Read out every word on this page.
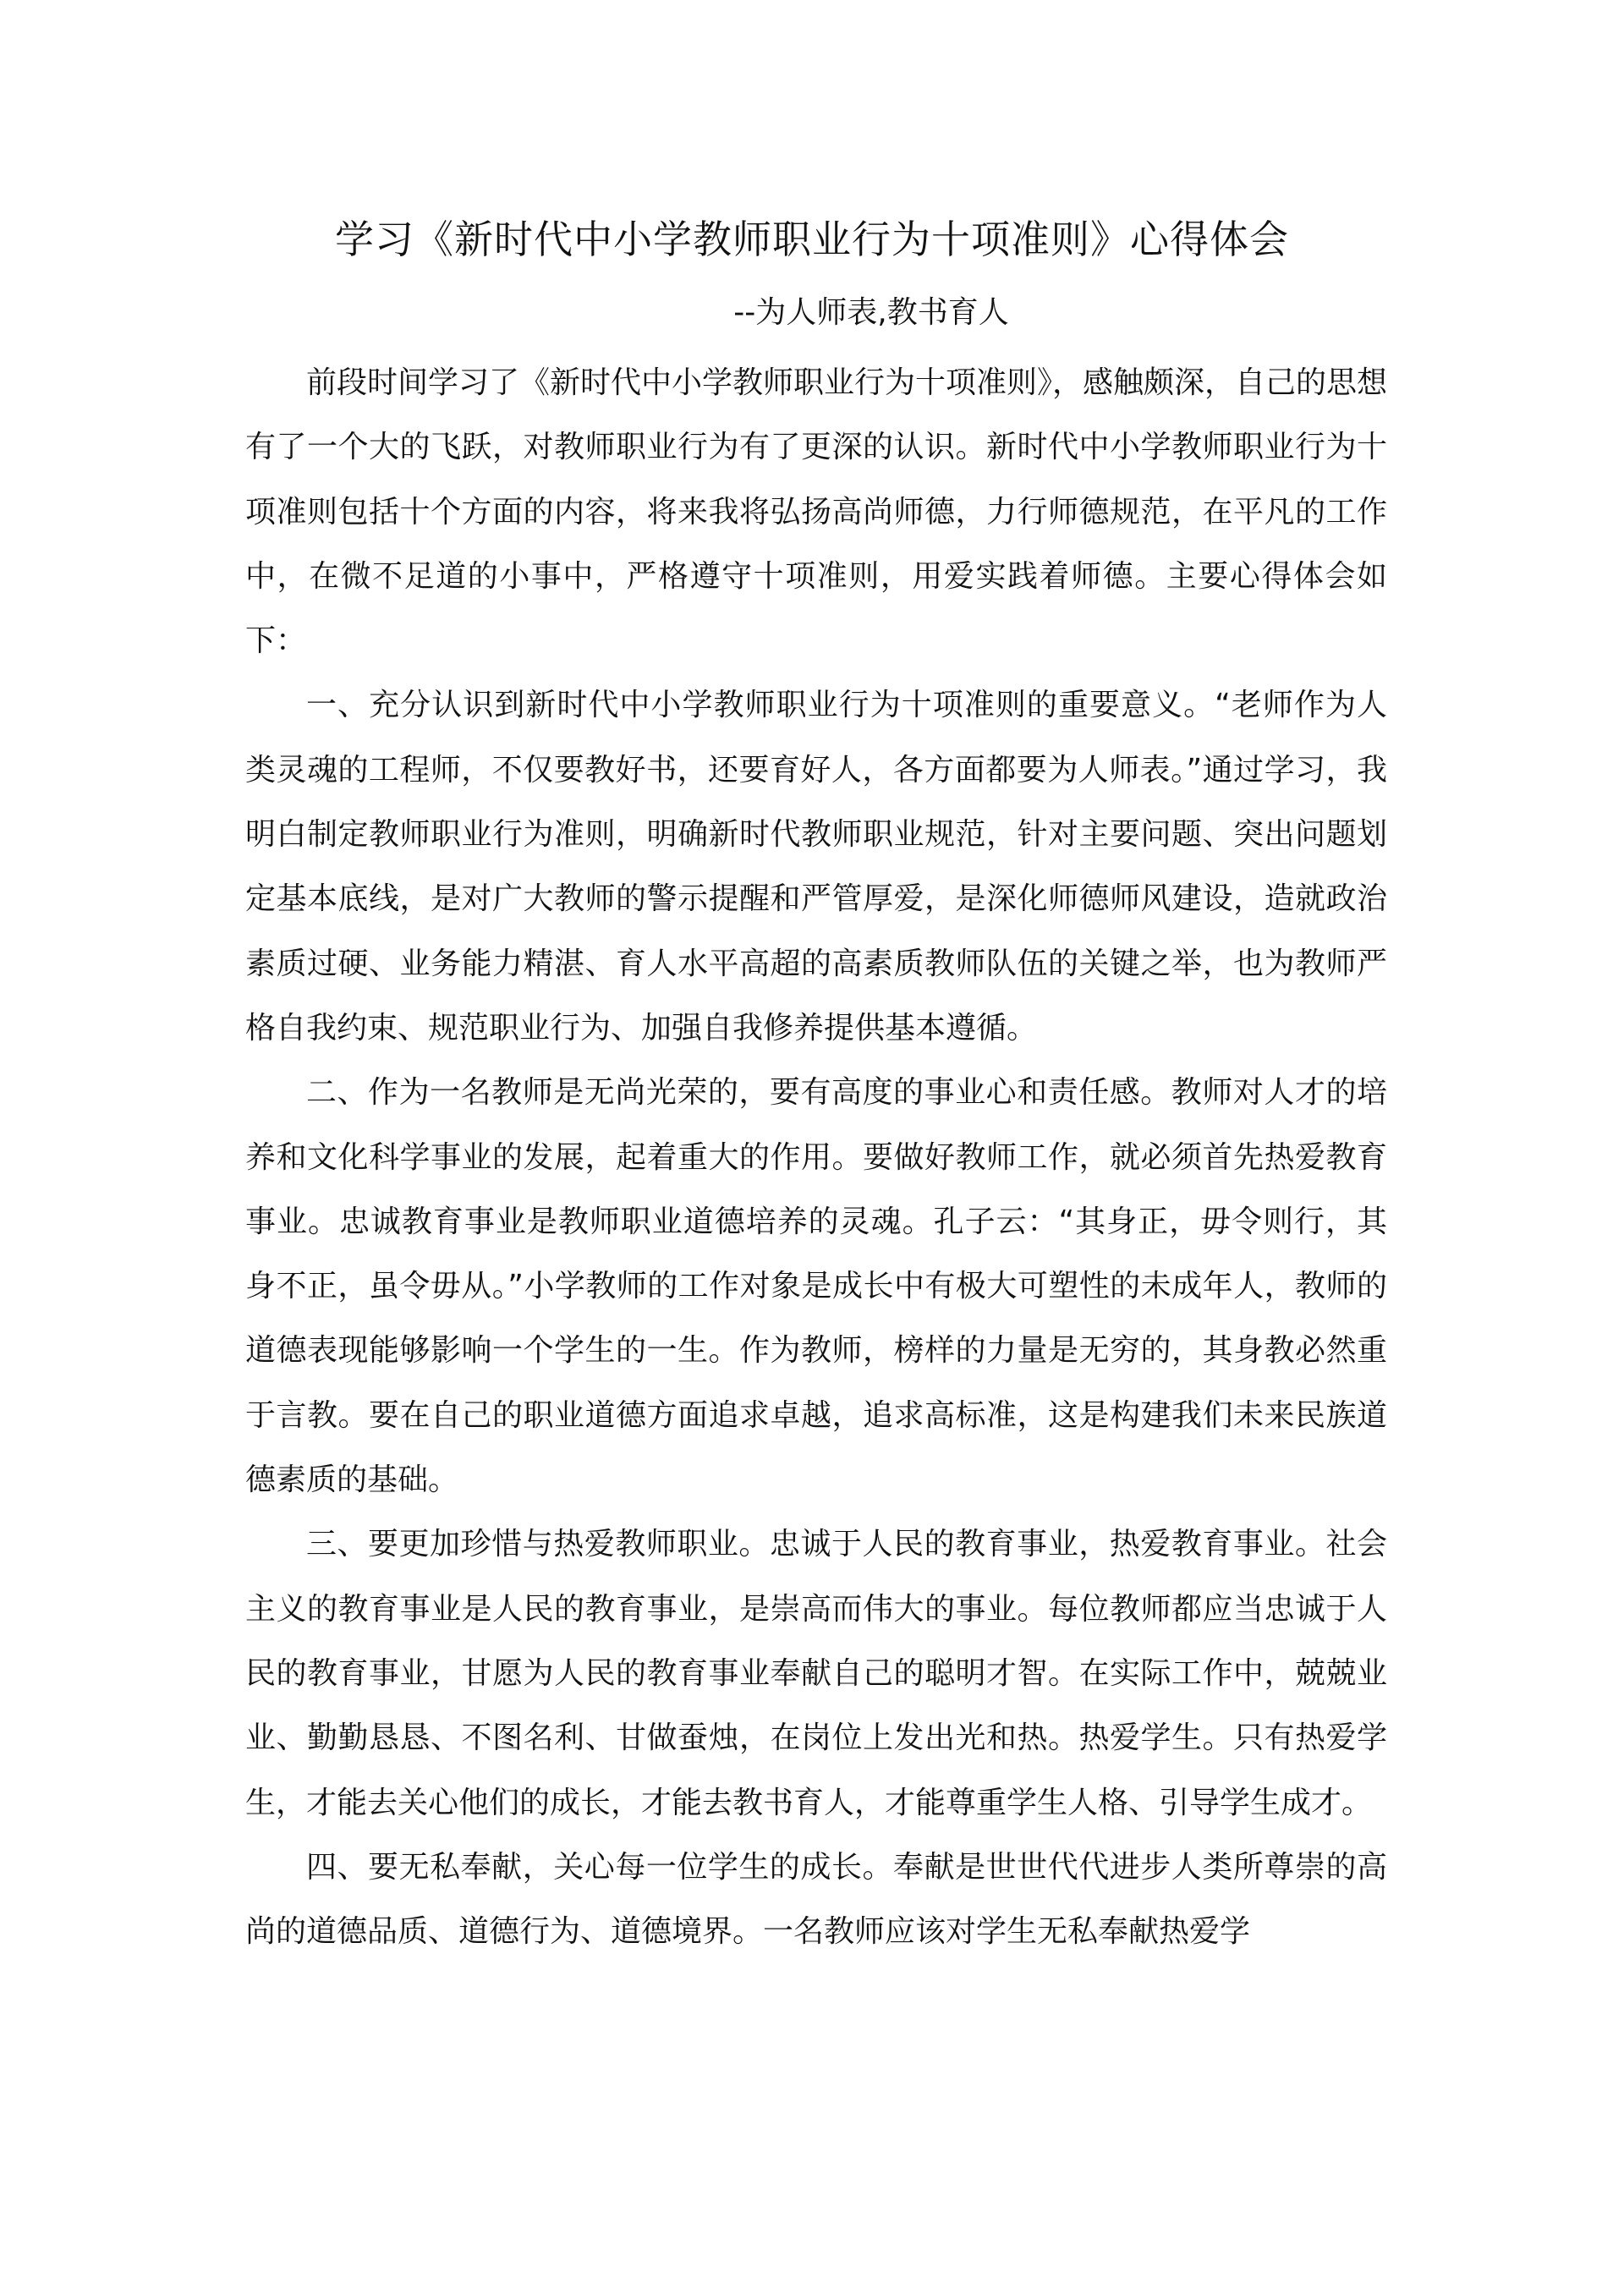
学习《新时代中小学教师职业行为十项准则》心得体会
--为人师表,教书育人

前段时间学习了《新时代中小学教师职业行为十项准则》，感触颇深，自己的思想有了一个大的飞跃，对教师职业行为有了更深的认识。新时代中小学教师职业行为十项准则包括十个方面的内容，将来我将弘扬高尚师德，力行师德规范，在平凡的工作中，在微不足道的小事中，严格遵守十项准则，用爱实践着师德。主要心得体会如下：

一、充分认识到新时代中小学教师职业行为十项准则的重要意义。“老师作为人类灵魂的工程师，不仅要教好书，还要育好人，各方面都要为人师表。”通过学习，我明白制定教师职业行为准则，明确新时代教师职业规范，针对主要问题、突出问题划定基本底线，是对广大教师的警示提醒和严管厚爱，是深化师德师风建设，造就政治素质过硬、业务能力精湛、育人水平高超的高素质教师队伍的关键之举，也为教师严格自我约束、规范职业行为、加强自我修养提供基本遵循。

二、作为一名教师是无尚光荣的，要有高度的事业心和责任感。教师对人才的培养和文化科学事业的发展，起着重大的作用。要做好教师工作，就必须首先热爱教育事业。忠诚教育事业是教师职业道德培养的灵魂。孔子云：“其身正，毋令则行，其身不正，虽令毋从。”小学教师的工作对象是成长中有极大可塑性的未成年人，教师的道德表现能够影响一个学生的一生。作为教师，榜样的力量是无穷的，其身教必然重于言教。要在自己的职业道德方面追求卓越，追求高标准，这是构建我们未来民族道德素质的基础。

三、要更加珍惜与热爱教师职业。忠诚于人民的教育事业，热爱教育事业。社会主义的教育事业是人民的教育事业，是崇高而伟大的事业。每位教师都应当忠诚于人民的教育事业，甘愿为人民的教育事业奉献自己的聪明才智。在实际工作中，兢兢业业、勤勤恳恳、不图名利、甘做蚕烛，在岗位上发出光和热。热爱学生。只有热爱学生，才能去关心他们的成长，才能去教书育人，才能尊重学生人格、引导学生成才。

四、要无私奉献，关心每一位学生的成长。奉献是世世代代进步人类所尊崇的高尚的道德品质、道德行为、道德境界。一名教师应该对学生无私奉献热爱学
